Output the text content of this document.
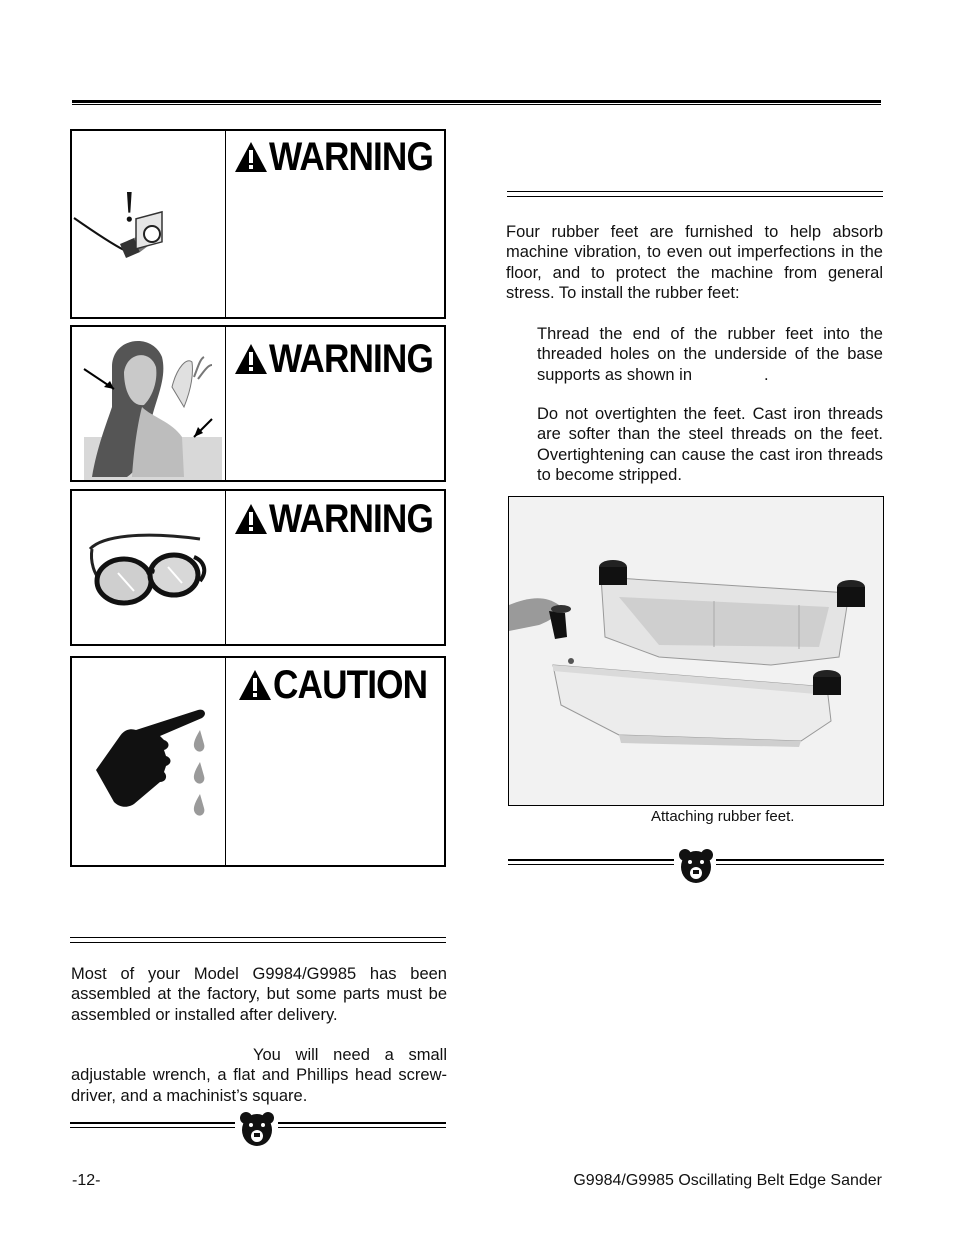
WARNING
!
WARNING
WARNING
CAUTION
Most of your Model G9984/G9985 has been assembled at the factory, but some parts must be assembled or installed after delivery.
You will need a small adjustable wrench, a flat and Phillips head screw-driver, and a machinist’s square.
Four rubber feet are furnished to help absorb machine vibration, to even out imperfections in the floor, and to protect the machine from general stress. To install the rubber feet:
Thread the end of the rubber feet into the threaded holes on the underside of the base supports as shown in	.
Do not overtighten the feet. Cast iron threads are softer than the steel threads on the feet. Overtightening can cause the cast iron threads to become stripped.
Attaching rubber feet.
-12-	G9984/G9985 Oscillating Belt Edge Sander
